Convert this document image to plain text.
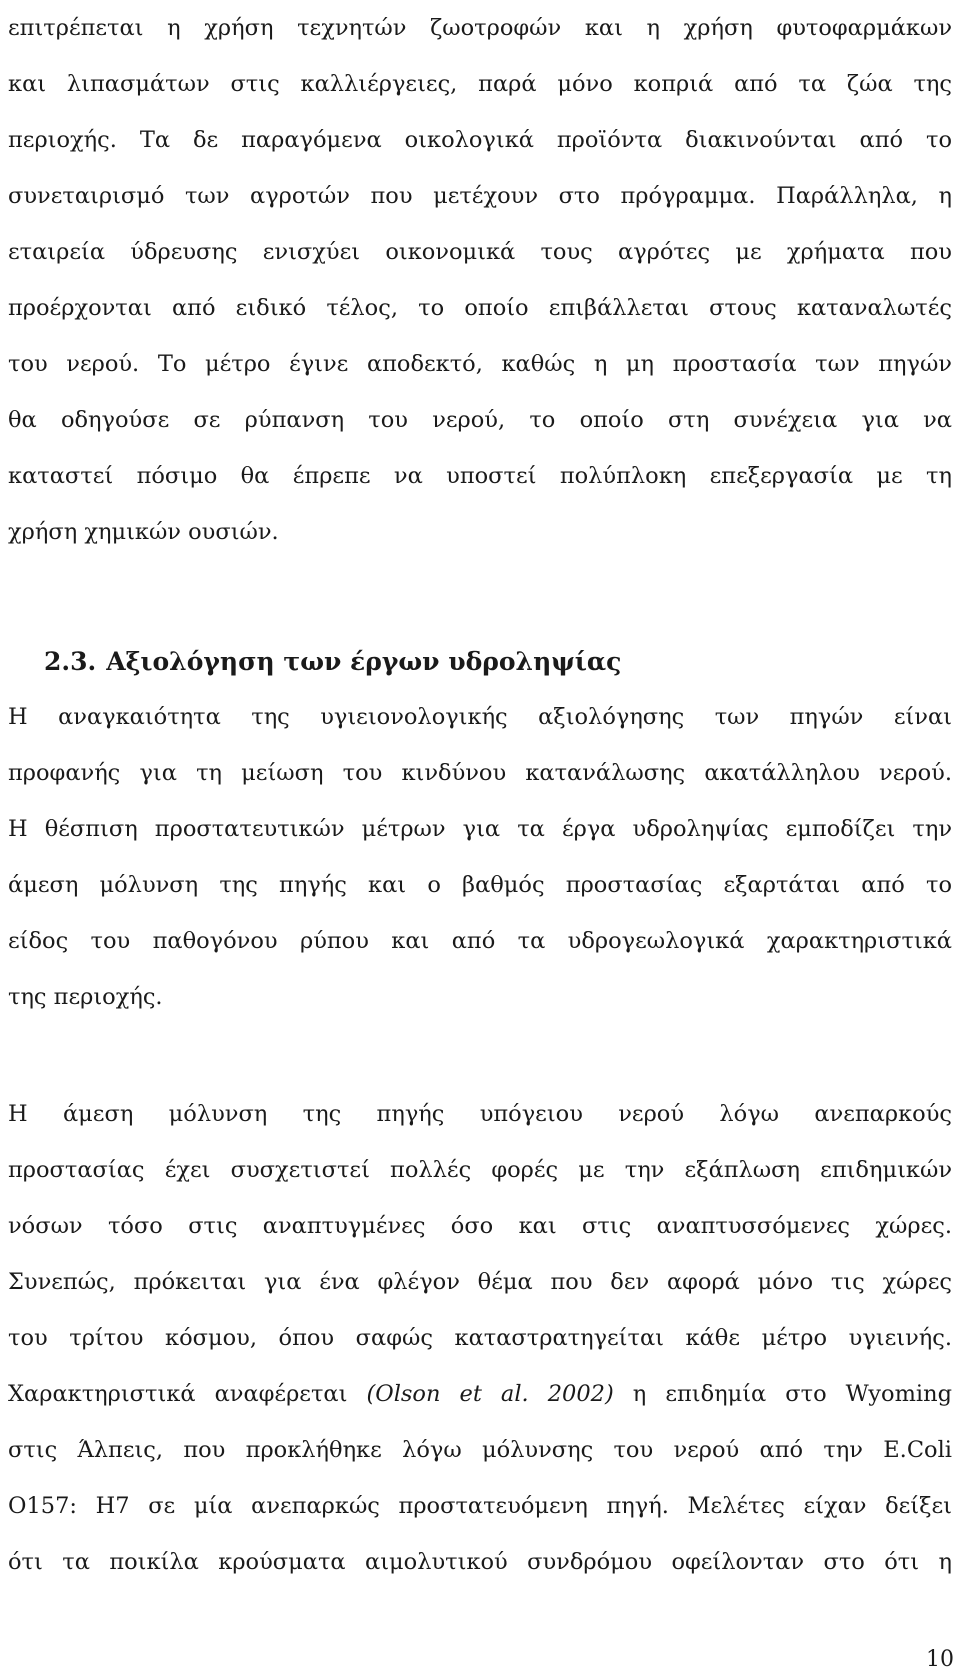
επιτρέπεται η χρήση τεχνητών ζωοτροφών και η χρήση φυτοφαρμάκων
και λιπασμάτων στις καλλιέργειες, παρά μόνο κοπριά από τα ζώα της
περιοχής. Τα δε παραγόμενα οικολογικά προϊόντα διακινούνται από το
συνεταιρισμό των αγροτών που μετέχουν στο πρόγραμμα. Παράλληλα, η
εταιρεία ύδρευσης ενισχύει οικονομικά τους αγρότες με χρήματα που
προέρχονται από ειδικό τέλος, το οποίο επιβάλλεται στους καταναλωτές
του νερού. Το μέτρο έγινε αποδεκτό, καθώς η μη προστασία των πηγών
θα οδηγούσε σε ρύπανση του νερού, το οποίο στη συνέχεια για να
καταστεί πόσιμο θα έπρεπε να υποστεί πολύπλοκη επεξεργασία με τη
χρήση χημικών ουσιών.
2.3. Αξιολόγηση των έργων υδροληψίας
Η αναγκαιότητα της υγιειονολογικής αξιολόγησης των πηγών είναι
προφανής για τη μείωση του κινδύνου κατανάλωσης ακατάλληλου νερού.
Η θέσπιση προστατευτικών μέτρων για τα έργα υδροληψίας εμποδίζει την
άμεση μόλυνση της πηγής και ο βαθμός προστασίας εξαρτάται από το
είδος του παθογόνου ρύπου και από τα υδρογεωλογικά χαρακτηριστικά
της περιοχής.
Η άμεση μόλυνση της πηγής υπόγειου νερού λόγω ανεπαρκούς
προστασίας έχει συσχετιστεί πολλές φορές με την εξάπλωση επιδημικών
νόσων τόσο στις αναπτυγμένες όσο και στις αναπτυσσόμενες χώρες.
Συνεπώς, πρόκειται για ένα φλέγον θέμα που δεν αφορά μόνο τις χώρες
του τρίτου κόσμου, όπου σαφώς καταστρατηγείται κάθε μέτρο υγιεινής.
Χαρακτηριστικά αναφέρεται (Olson et al. 2002) η επιδημία στο Wyoming
στις Άλπεις, που προκλήθηκε λόγω μόλυνσης του νερού από την E.Coli
O157: H7 σε μία ανεπαρκώς προστατευόμενη πηγή. Μελέτες είχαν δείξει
ότι τα ποικίλα κρούσματα αιμολυτικού συνδρόμου οφείλονταν στο ότι η
10
